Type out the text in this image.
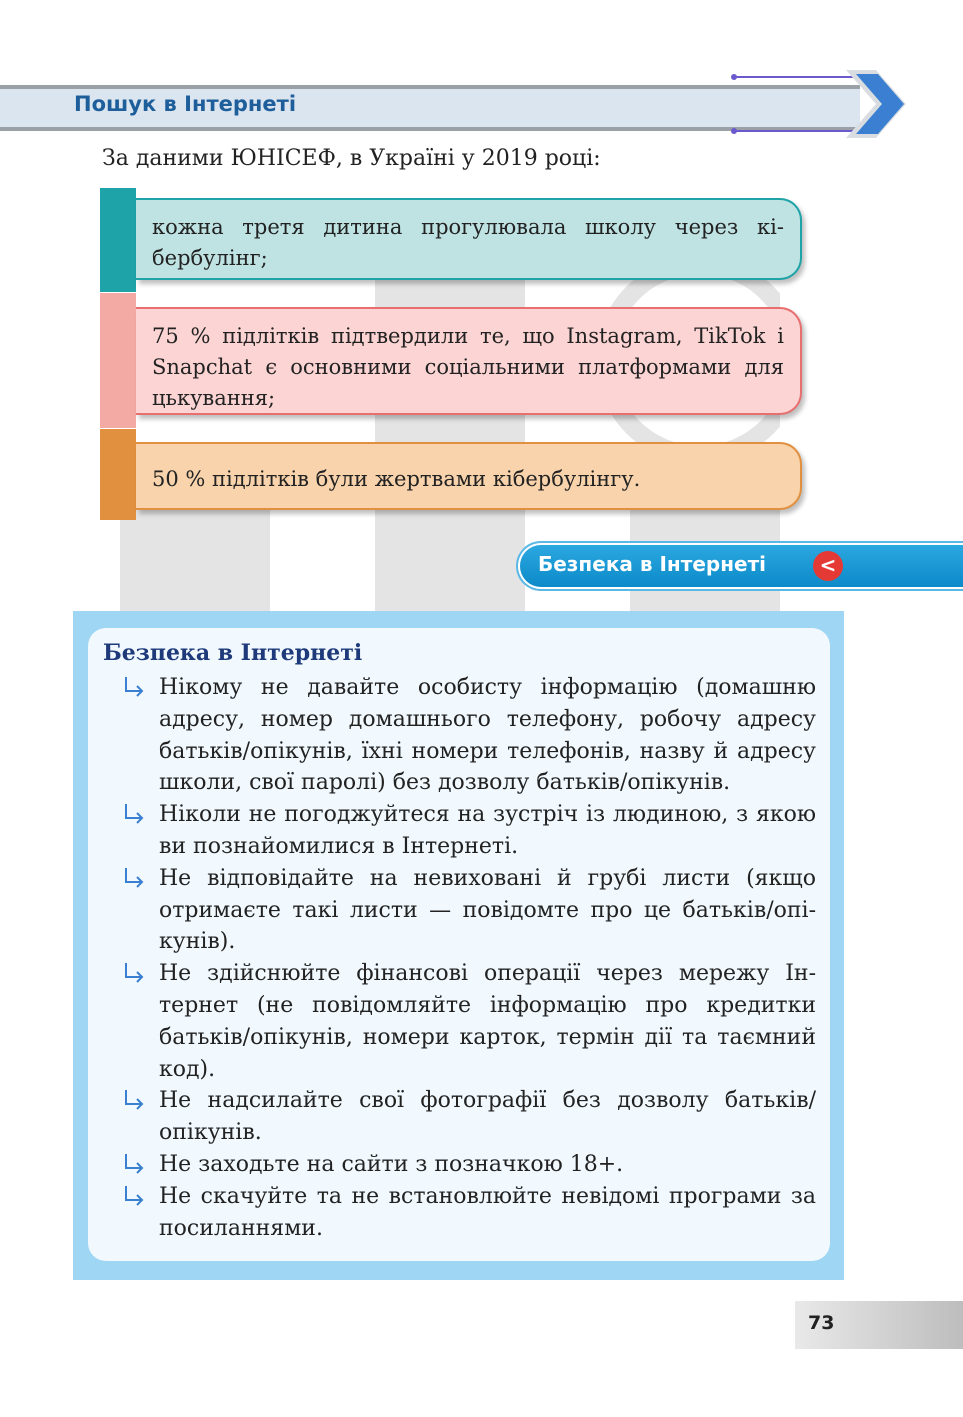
Пошук в Інтернеті
За даними ЮНІСЕФ, в Україні у 2019 році:
кожна третя дитина прогулювала школу через кібербулінг;
75 % підлітків підтвердили те, що Instagram, TikTok і Snapchat є основними соціальними платформами для цькування;
50 % підлітків були жертвами кібербулінгу.
Безпека в Інтернеті	<
Безпека в Інтернеті
Нікому не давайте особисту інформацію (домашню адресу, номер домашнього телефону, робочу адресу батьків/опікунів, їхні номери телефонів, назву й адресу школи, свої паролі) без дозволу батьків/опікунів.
Ніколи не погоджуйтеся на зустріч із людиною, з якою ви познайомилися в Інтернеті.
Не відповідайте на невиховані й грубі листи (якщо отримаєте такі листи — повідомте про це батьків/опікунів).
Не здійснюйте фінансові операції через мережу Інтернет (не повідомляйте інформацію про кредитки батьків/опікунів, номери карток, термін дії та таємний код).
Не надсилайте свої фотографії без дозволу батьків/ опікунів.
Не заходьте на сайти з позначкою 18+.
Не скачуйте та не встановлюйте невідомі програми за посиланнями.
73
